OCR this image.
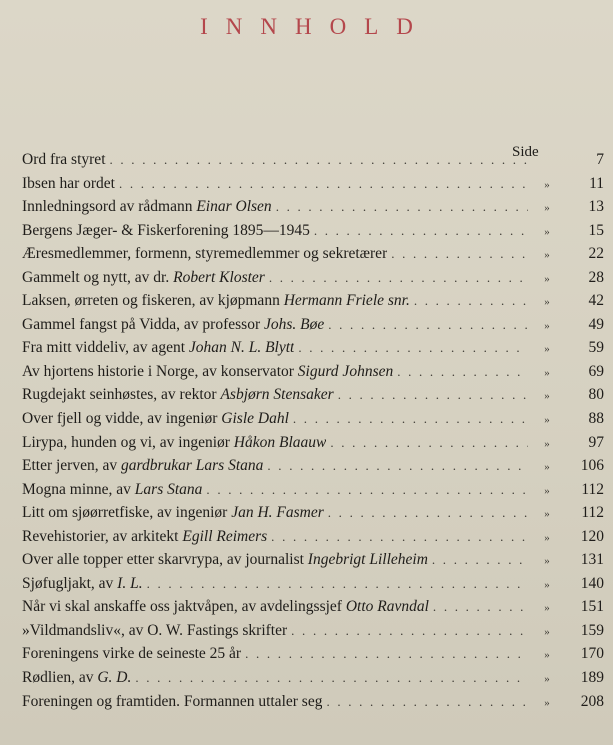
INNHOLD
Side
Ord fra styret . . .	7
Ibsen har ordet . . .	»	11
Innledningsord av rådmann Einar Olsen . . .	»	13
Bergens Jæger- & Fiskerforening 1895—1945 . . .	»	15
Æresmedlemmer, formenn, styremedlemmer og sekretærer . . .	»	22
Gammelt og nytt, av dr. Robert Kloster . . .	»	28
Laksen, ørreten og fiskeren, av kjøpmann Hermann Friele snr. . . .	»	42
Gammel fangst på Vidda, av professor Johs. Bøe . . .	»	49
Fra mitt viddeliv, av agent Johan N. L. Blytt . . .	»	59
Av hjortens historie i Norge, av konservator Sigurd Johnsen . . .	»	69
Rugdejakt seinhøstes, av rektor Asbjørn Stensaker . . .	»	80
Over fjell og vidde, av ingeniør Gisle Dahl . . .	»	88
Lirypa, hunden og vi, av ingeniør Håkon Blaauw . . .	»	97
Etter jerven, av gardbrukar Lars Stana . . .	»	106
Mogna minne, av Lars Stana . . .	»	112
Litt om sjøørretfiske, av ingeniør Jan H. Fasmer . . .	»	112
Revehistorier, av arkitekt Egill Reimers . . .	»	120
Over alle topper etter skarvrypa, av journalist Ingebrigt Lilleheim . . .	»	131
Sjøfugljakt, av I. L. . . .	»	140
Når vi skal anskaffe oss jaktvåpen, av avdelingssjef Otto Ravndal . . .	»	151
»Vildmandsliv«, av O. W. Fastings skrifter . . .	»	159
Foreningens virke de seineste 25 år . . .	»	170
Rødlien, av G. D. . . .	»	189
Foreningen og framtiden. Formannen uttaler seg . . .	»	208
